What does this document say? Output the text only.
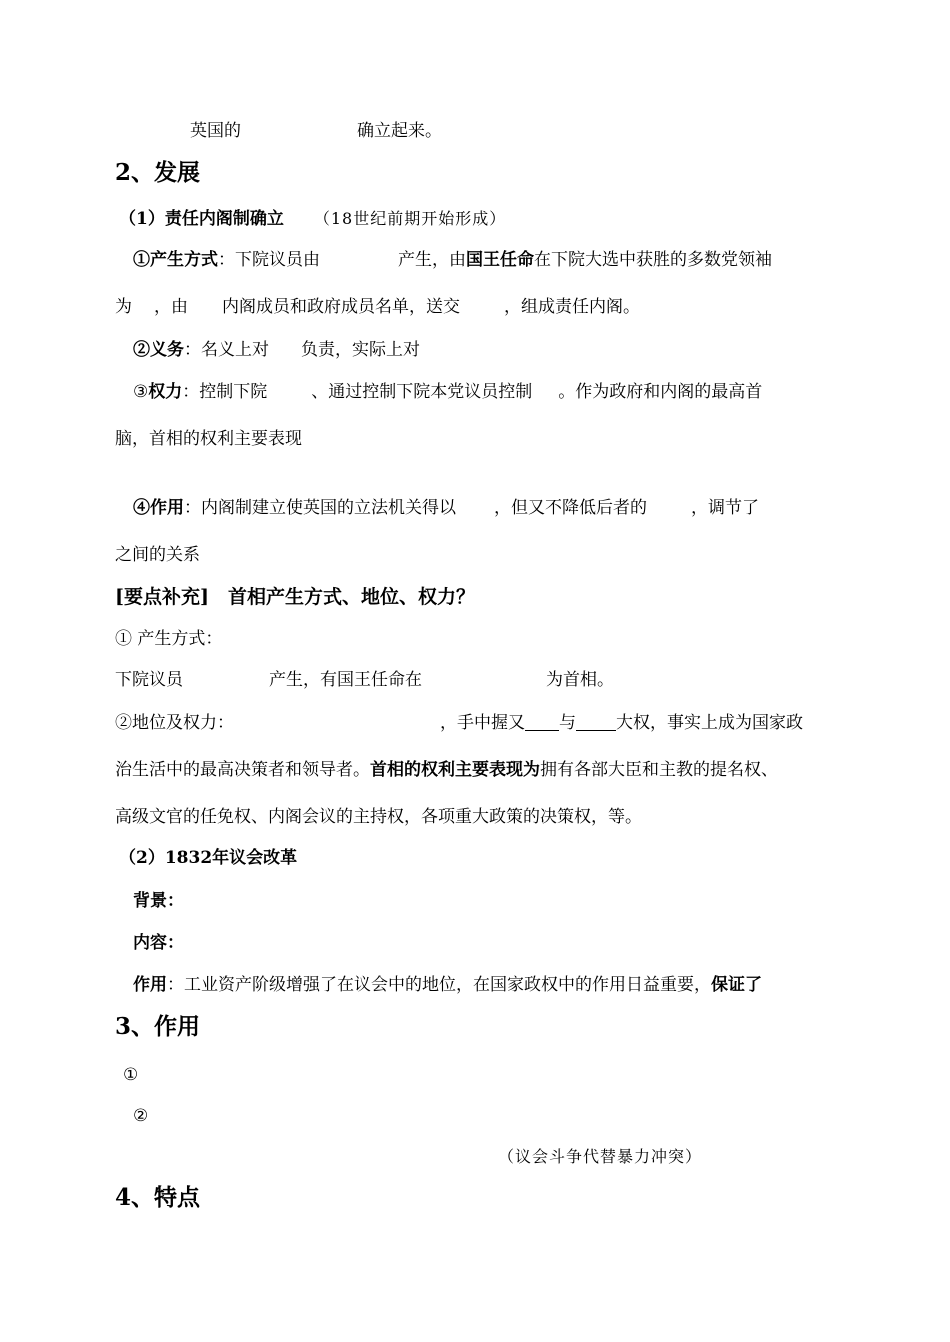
英国的	确立起来。
2、发展
（1）责任内阁制确立 （18世纪前期开始形成）
①产生方式：下院议员由	产生，由国王任命在下院大选中获胜的多数党领袖
为 ，由 内阁成员和政府成员名单，送交	，组成责任内阁。
②义务：名义上对 负责，实际上对
③权力：控制下院	、通过控制下院本党议员控制 。作为政府和内阁的最高首
脑，首相的权利主要表现
④作用：内阁制建立使英国的立法机关得以 ，但又不降低后者的	，调节了
之间的关系
[要点补充]　首相产生方式、地位、权力？
① 产生方式：
下院议员	产生，有国王任命在	为首相。
②地位及权力：	，手中握又 与 大权，事实上成为国家政
治生活中的最高决策者和领导者。首相的权利主要表现为拥有各部大臣和主教的提名权、
高级文官的任免权、内阁会议的主持权，各项重大政策的决策权，等。
（2）1832年议会改革
背景：
内容：
作用：工业资产阶级增强了在议会中的地位，在国家政权中的作用日益重要，保证了
3、作用
①
②
（议会斗争代替暴力冲突）
4、特点
